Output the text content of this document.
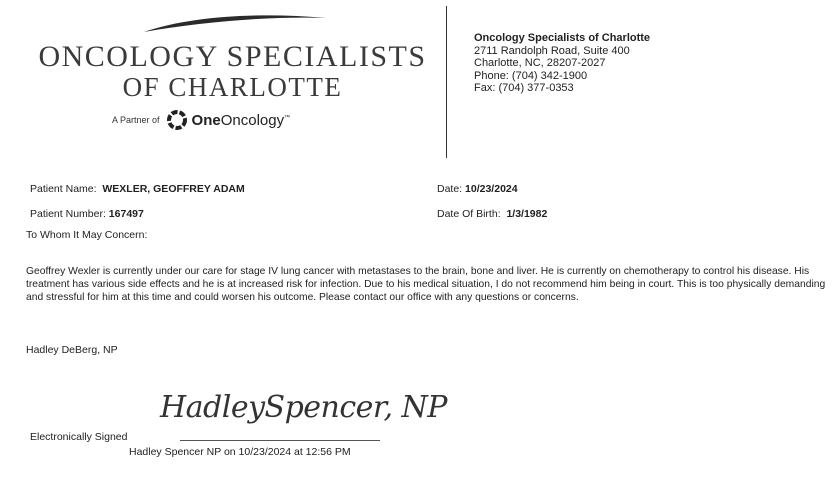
ONCOLOGY SPECIALISTS
OF CHARLOTTE
A Partner of OneOncology™
Oncology Specialists of Charlotte
2711 Randolph Road, Suite 400
Charlotte, NC, 28207-2027
Phone: (704) 342-1900
Fax: (704) 377-0353
Patient Name: WEXLER, GEOFFREY ADAM
Patient Number: 167497
Date: 10/23/2024
Date Of Birth: 1/3/1982
To Whom It May Concern:
Geoffrey Wexler is currently under our care for stage IV lung cancer with metastases to the brain, bone and liver. He is currently on chemotherapy to control his disease. His treatment has various side effects and he is at increased risk for infection. Due to his medical situation, I do not recommend him being in court. This is too physically demanding and stressful for him at this time and could worsen his outcome. Please contact our office with any questions or concerns.
Hadley DeBerg, NP
Electronically Signed
HadleySpencer, NP
Hadley Spencer NP on 10/23/2024 at 12:56 PM
